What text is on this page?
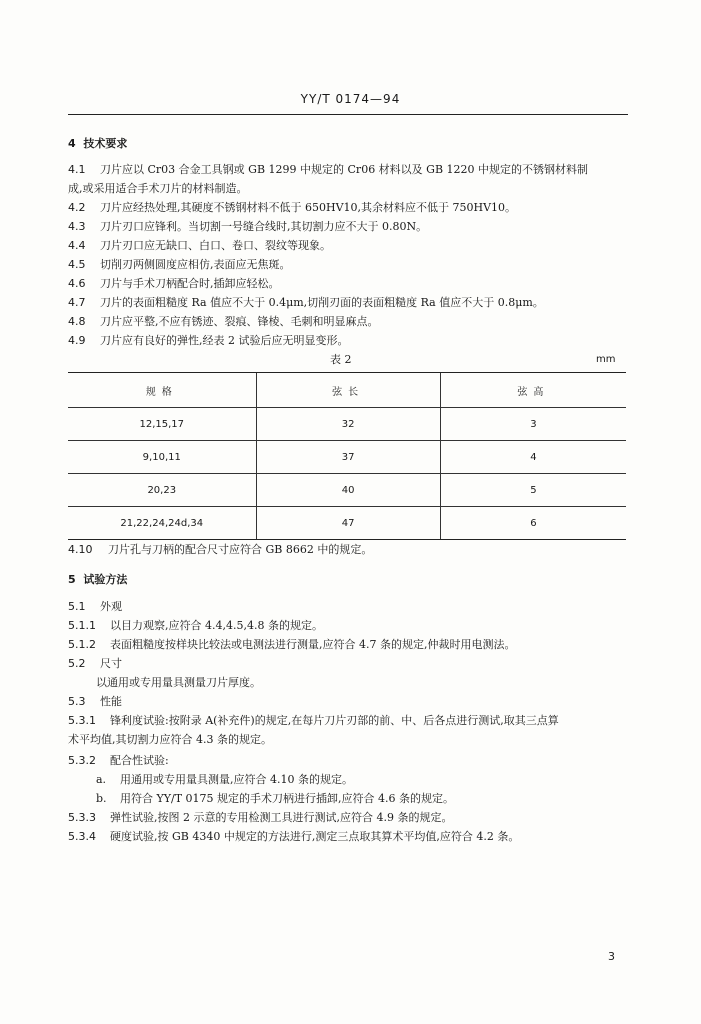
YY/T 0174—94
4 技术要求
4.1 刀片应以 Cr03 合金工具钢或 GB 1299 中规定的 Cr06 材料以及 GB 1220 中规定的不锈钢材料制
成,或采用适合手术刀片的材料制造。
4.2 刀片应经热处理,其硬度不锈钢材料不低于 650HV10,其余材料应不低于 750HV10。
4.3 刀片刃口应锋利。当切割一号缝合线时,其切割力应不大于 0.80N。
4.4 刀片刃口应无缺口、白口、卷口、裂纹等现象。
4.5 切削刃两侧圆度应相仿,表面应无焦斑。
4.6 刀片与手术刀柄配合时,插卸应轻松。
4.7 刀片的表面粗糙度 Ra 值应不大于 0.4μm,切削刃面的表面粗糙度 Ra 值应不大于 0.8μm。
4.8 刀片应平整,不应有锈迹、裂痕、锋棱、毛刺和明显麻点。
4.9 刀片应有良好的弹性,经表 2 试验后应无明显变形。
表 2	mm
规格	弦长	弦高
12,15,17	32	3
9,10,11	37	4
20,23	40	5
21,22,24,24d,34	47	6
4.10 刀片孔与刀柄的配合尺寸应符合 GB 8662 中的规定。
5 试验方法
5.1 外观
5.1.1 以目力观察,应符合 4.4,4.5,4.8 条的规定。
5.1.2 表面粗糙度按样块比较法或电测法进行测量,应符合 4.7 条的规定,仲裁时用电测法。
5.2 尺寸
以通用或专用量具测量刀片厚度。
5.3 性能
5.3.1 锋利度试验:按附录 A(补充件)的规定,在每片刀片刃部的前、中、后各点进行测试,取其三点算
术平均值,其切割力应符合 4.3 条的规定。
5.3.2 配合性试验:
a. 用通用或专用量具测量,应符合 4.10 条的规定。
b. 用符合 YY/T 0175 规定的手术刀柄进行插卸,应符合 4.6 条的规定。
5.3.3 弹性试验,按图 2 示意的专用检测工具进行测试,应符合 4.9 条的规定。
5.3.4 硬度试验,按 GB 4340 中规定的方法进行,测定三点取其算术平均值,应符合 4.2 条。
3
